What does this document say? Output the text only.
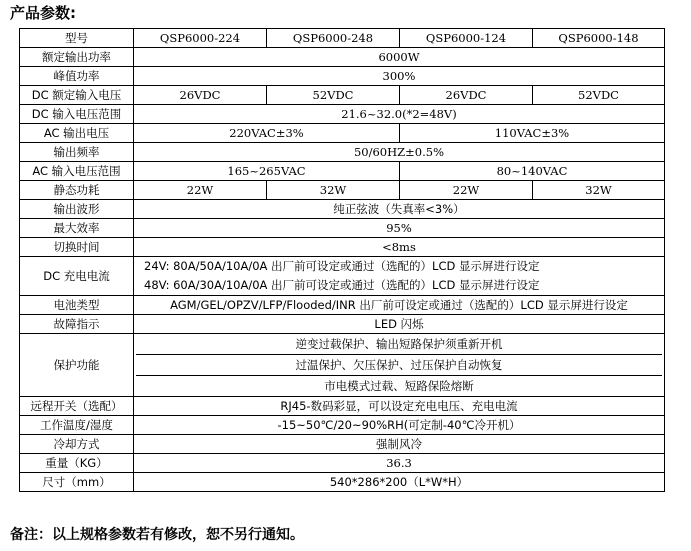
产品参数:
型号	QSP6000-224	QSP6000-248	QSP6000-124	QSP6000-148
额定输出功率	6000W			
峰值功率	300%			
DC 额定输入电压	26VDC	52VDC	26VDC	52VDC
DC 输入电压范围	21.6~32.0(*2=48V)			
AC 输出电压	220VAC±3%		110VAC±3%	
输出频率	50/60HZ±0.5%			
AC 输入电压范围	165~265VAC		80~140VAC	
静态功耗	22W	32W	22W	32W
输出波形	纯正弦波（失真率<3%）			
最大效率	95%			
切换时间	<8ms			
DC 充电电流	24V: 80A/50A/10A/0A 出厂前可设定或通过（选配的）LCD 显示屏进行设定
48V: 60A/30A/10A/0A 出厂前可设定或通过（选配的）LCD 显示屏进行设定			

电池类型	AGM/GEL/OPZV/LFP/Flooded/INR 出厂前可设定或通过（选配的）LCD 显示屏进行设定			
故障指示	LED 闪烁			
保护功能	逆变过载保护、输出短路保护须重新开机
过温保护、欠压保护、过压保护自动恢复
市电模式过载、短路保险熔断			

远程开关（选配）	RJ45-数码彩显，可以设定充电电压、充电电流			
工作温度/湿度	-15~50℃/20~90%RH(可定制-40℃冷开机）			
冷却方式	强制风冷			
重量（KG）	36.3			
尺寸（mm）	540*286*200（L*W*H）			
备注：以上规格参数若有修改，恕不另行通知。
